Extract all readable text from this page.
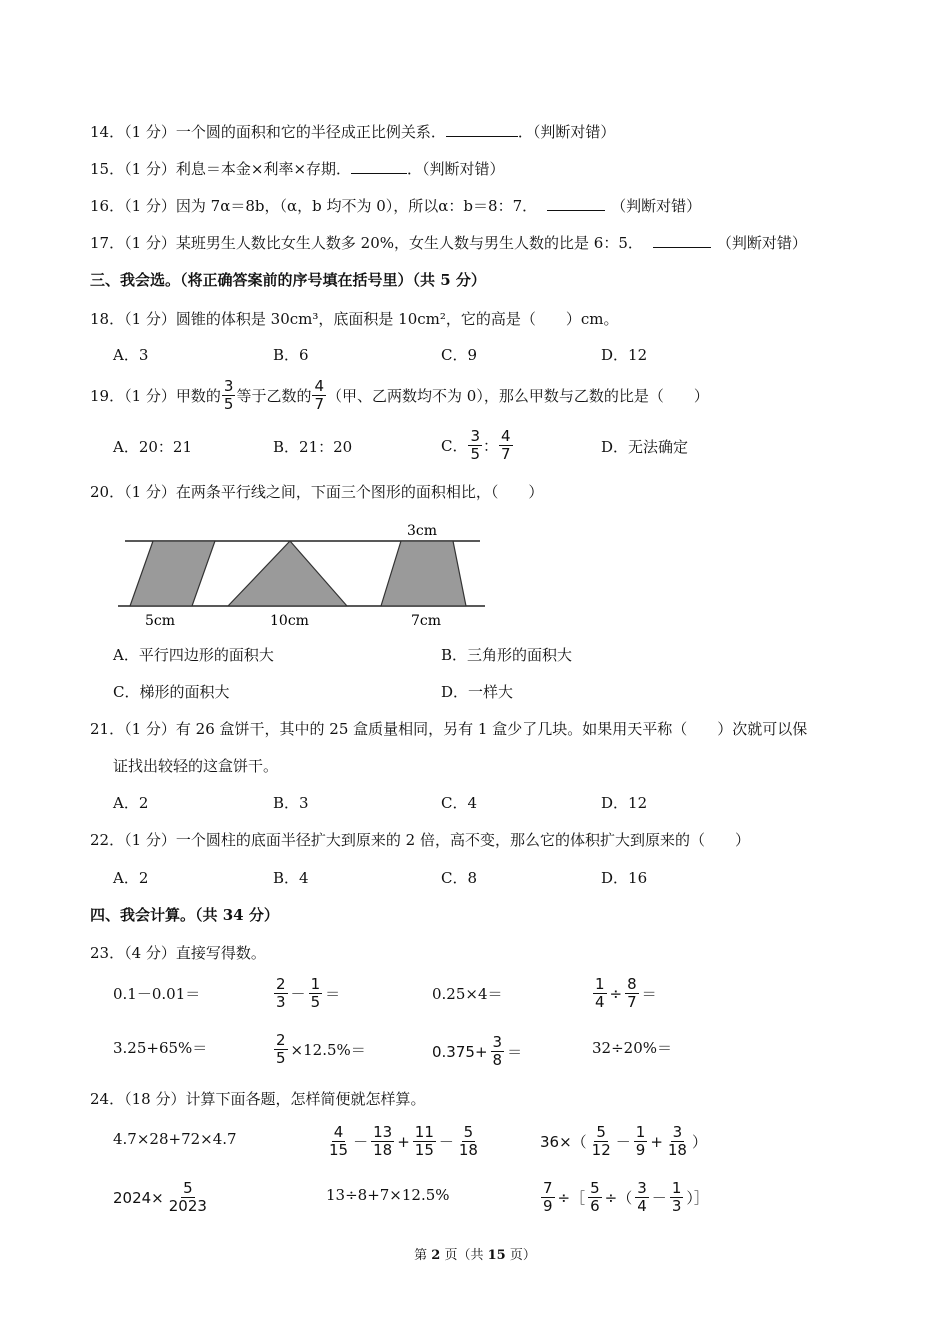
14．（1 分）一个圆的面积和它的半径成正比例关系．	．（判断对错）
15．（1 分）利息＝本金×利率×存期．	．（判断对错）
16．（1 分）因为 7α＝8b，（α，b 均不为 0），所以α：b＝8：7．	（判断对错）
17．（1 分）某班男生人数比女生人数多 20%，女生人数与男生人数的比是 6：5．	（判断对错）
三、我会选。（将正确答案前的序号填在括号里）（共 5 分）
18．（1 分）圆锥的体积是 30cm³，底面积是 10cm²，它的高是（　　）cm。
A．3	B．6	C．9	D．12
19．（1 分）甲数的 $\frac{3}{5}$ 等于乙数的 $\frac{4}{7}$ （甲、乙两数均不为 0），那么甲数与乙数的比是（　　）
A．20：21	B．21：20	C． $\frac{3}{5}$ ： $\frac{4}{7}$	D．无法确定
20．（1 分）在两条平行线之间，下面三个图形的面积相比，（　　）
3cm
5cm	10cm	7cm
A．平行四边形的面积大	B．三角形的面积大
C．梯形的面积大	D．一样大
21．（1 分）有 26 盒饼干，其中的 25 盒质量相同，另有 1 盒少了几块。如果用天平称（　　）次就可以保
证找出较轻的这盒饼干。
A．2	B．3	C．4	D．12
22．（1 分）一个圆柱的底面半径扩大到原来的 2 倍，高不变，那么它的体积扩大到原来的（　　）
A．2	B．4	C．8	D．16
四、我会计算。（共 34 分）
23．（4 分）直接写得数。
0.1－0.01＝	$\frac{2}{3} - \frac{1}{5}$ ＝	0.25×4＝	$\frac{1}{4} \div \frac{8}{7}$ ＝
3.25+65%＝	$\frac{2}{5} \times 12.5\%=$	$0.375+ \frac{3}{8}$ ＝	32÷20%＝
24．（18 分）计算下面各题，怎样简便就怎样算。
4.7×28+72×4.7	$\frac{4}{15} - \frac{13}{18} + \frac{11}{15} - \frac{5}{18}$	$36\times( \frac{5}{12} - \frac{1}{9} + \frac{3}{18}$ ）
$2024\times \frac{5}{2023}$	13÷8+7×12.5%	$\frac{7}{9}$ ÷［ $\frac{5}{6}$ ÷（ $\frac{3}{4} - \frac{1}{3}$ ）］
第 2 页（共 15 页）
